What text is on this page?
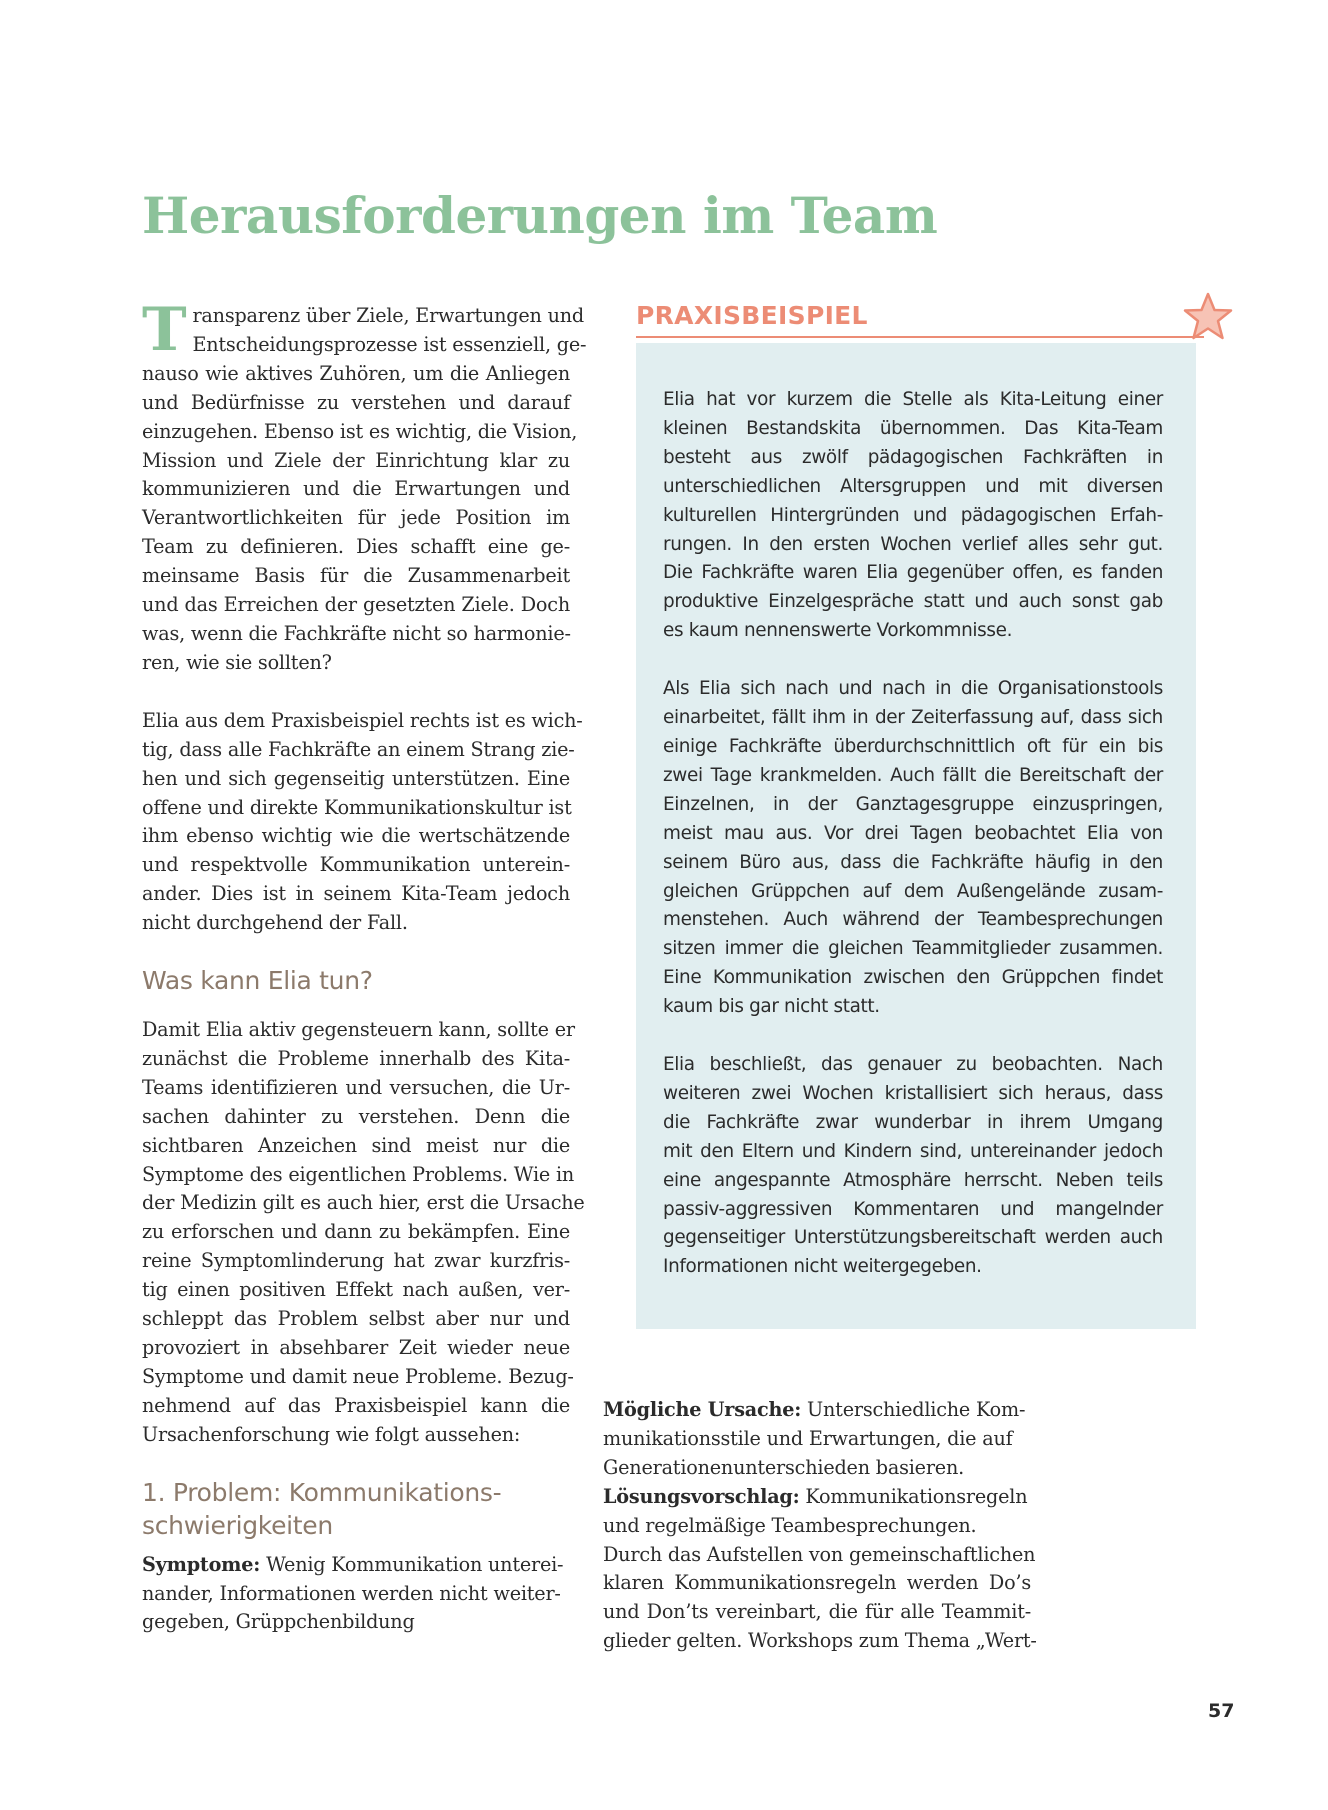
Herausforderungen im Team
T ransparenz über Ziele, Erwartungen und
Entscheidungsprozesse ist essenziell, ge-
nauso wie aktives Zuhören, um die Anliegen
und Bedürfnisse zu verstehen und darauf
einzugehen. Ebenso ist es wichtig, die Vision,
Mission und Ziele der Einrichtung klar zu
kommunizieren und die Erwartungen und
Verantwortlichkeiten für jede Position im
Team zu definieren. Dies schafft eine ge-
meinsame Basis für die Zusammenarbeit
und das Erreichen der gesetzten Ziele. Doch
was, wenn die Fachkräfte nicht so harmonie-
ren, wie sie sollten?
Elia aus dem Praxisbeispiel rechts ist es wich-
tig, dass alle Fachkräfte an einem Strang zie-
hen und sich gegenseitig unterstützen. Eine
offene und direkte Kommunikationskultur ist
ihm ebenso wichtig wie die wertschätzende
und respektvolle Kommunikation unterein-
ander. Dies ist in seinem Kita-Team jedoch
nicht durchgehend der Fall.
Was kann Elia tun?
Damit Elia aktiv gegensteuern kann, sollte er
zunächst die Probleme innerhalb des Kita-
Teams identifizieren und versuchen, die Ur-
sachen dahinter zu verstehen. Denn die
sichtbaren Anzeichen sind meist nur die
Symptome des eigentlichen Problems. Wie in
der Medizin gilt es auch hier, erst die Ursache
zu erforschen und dann zu bekämpfen. Eine
reine Symptomlinderung hat zwar kurzfris-
tig einen positiven Effekt nach außen, ver-
schleppt das Problem selbst aber nur und
provoziert in absehbarer Zeit wieder neue
Symptome und damit neue Probleme. Bezug-
nehmend auf das Praxisbeispiel kann die
Ursachenforschung wie folgt aussehen:
1. Problem: Kommunikations-
schwierigkeiten
Symptome: Wenig Kommunikation unterei-
nander, Informationen werden nicht weiter-
gegeben, Grüppchenbildung
PRAXISBEISPIEL
Elia hat vor kurzem die Stelle als Kita-Leitung einer
kleinen Bestandskita übernommen. Das Kita-Team
besteht aus zwölf pädagogischen Fachkräften in
unterschiedlichen Altersgruppen und mit diversen
kulturellen Hintergründen und pädagogischen Erfah-
rungen. In den ersten Wochen verlief alles sehr gut.
Die Fachkräfte waren Elia gegenüber offen, es fanden
produktive Einzelgespräche statt und auch sonst gab
es kaum nennenswerte Vorkommnisse.
Als Elia sich nach und nach in die Organisationstools
einarbeitet, fällt ihm in der Zeiterfassung auf, dass sich
einige Fachkräfte überdurchschnittlich oft für ein bis
zwei Tage krankmelden. Auch fällt die Bereitschaft der
Einzelnen, in der Ganztagesgruppe einzuspringen,
meist mau aus. Vor drei Tagen beobachtet Elia von
seinem Büro aus, dass die Fachkräfte häufig in den
gleichen Grüppchen auf dem Außengelände zusam-
menstehen. Auch während der Teambesprechungen
sitzen immer die gleichen Teammitglieder zusammen.
Eine Kommunikation zwischen den Grüppchen findet
kaum bis gar nicht statt.
Elia beschließt, das genauer zu beobachten. Nach
weiteren zwei Wochen kristallisiert sich heraus, dass
die Fachkräfte zwar wunderbar in ihrem Umgang
mit den Eltern und Kindern sind, untereinander jedoch
eine angespannte Atmosphäre herrscht. Neben teils
passiv-aggressiven Kommentaren und mangelnder
gegenseitiger Unterstützungsbereitschaft werden auch
Informationen nicht weitergegeben.
Mögliche Ursache: Unterschiedliche Kom-
munikationsstile und Erwartungen, die auf
Generationenunterschieden basieren.
Lösungsvorschlag: Kommunikationsregeln
und regelmäßige Teambesprechungen.
Durch das Aufstellen von gemeinschaftlichen
klaren Kommunikationsregeln werden Do’s
und Don’ts vereinbart, die für alle Teammit-
glieder gelten. Workshops zum Thema „Wert-
57
